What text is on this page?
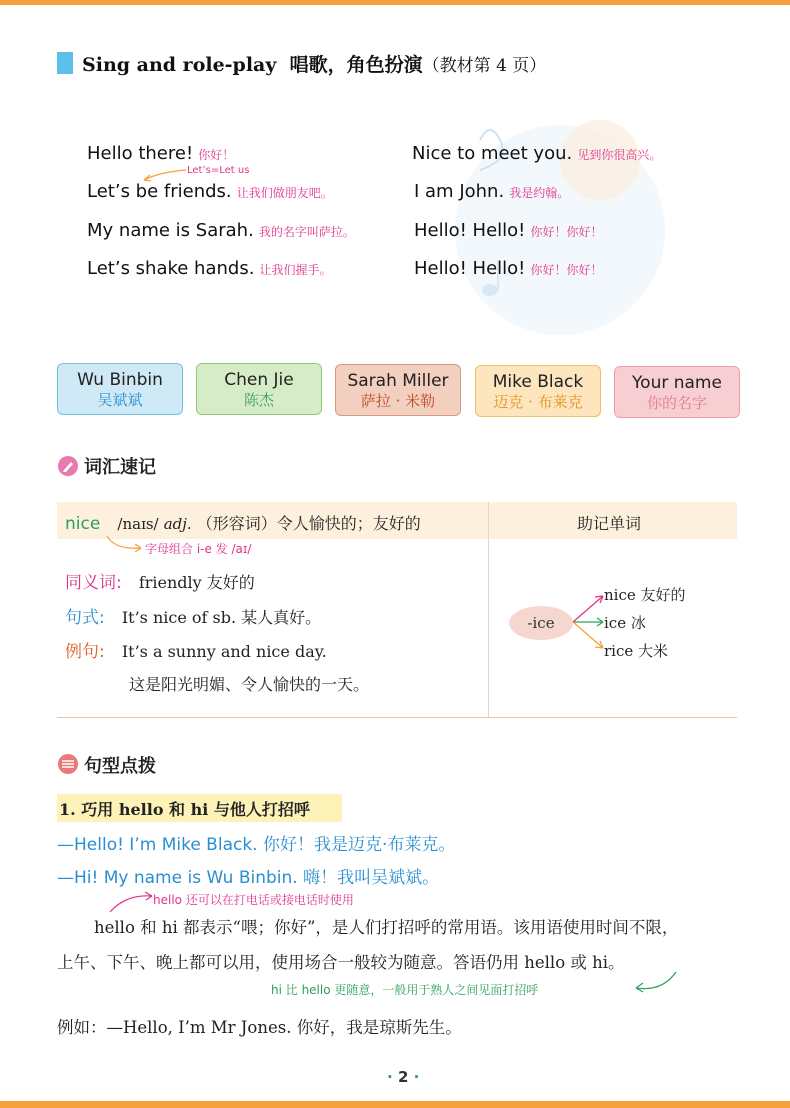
Sing and role-play 唱歌，角色扮演（教材第 4 页）
Hello there! 你好！
Let’s=Let us
Let’s be friends. 让我们做朋友吧。
My name is Sarah. 我的名字叫萨拉。
Let’s shake hands. 让我们握手。
Nice to meet you. 见到你很高兴。
I am John. 我是约翰。
Hello! Hello! 你好！你好！
Hello! Hello! 你好！你好！
Wu Binbin
吴斌斌
Chen Jie
陈杰
Sarah Miller
萨拉 · 米勒
Mike Black
迈克 · 布莱克
Your name
你的名字
词汇速记
nice /naɪs/ adj. （形容词）令人愉快的；友好的	助记单词
字母组合 i-e 发 /aɪ/
同义词: friendly 友好的
句式: It’s nice of sb. 某人真好。
例句: It’s a sunny and nice day.
这是阳光明媚、令人愉快的一天。
-ice
nice 友好的
ice 冰
rice 大米
句型点拨
1. 巧用 hello 和 hi 与他人打招呼
—Hello! I’m Mike Black. 你好！我是迈克·布莱克。
—Hi! My name is Wu Binbin. 嗨！我叫吴斌斌。
hello 还可以在打电话或接电话时使用
hello 和 hi 都表示“喂；你好”，是人们打招呼的常用语。该用语使用时间不限，
上午、下午、晚上都可以用，使用场合一般较为随意。答语仍用 hello 或 hi。
hi 比 hello 更随意，一般用于熟人之间见面打招呼
例如：—Hello, I’m Mr Jones. 你好，我是琼斯先生。
· 2 ·
